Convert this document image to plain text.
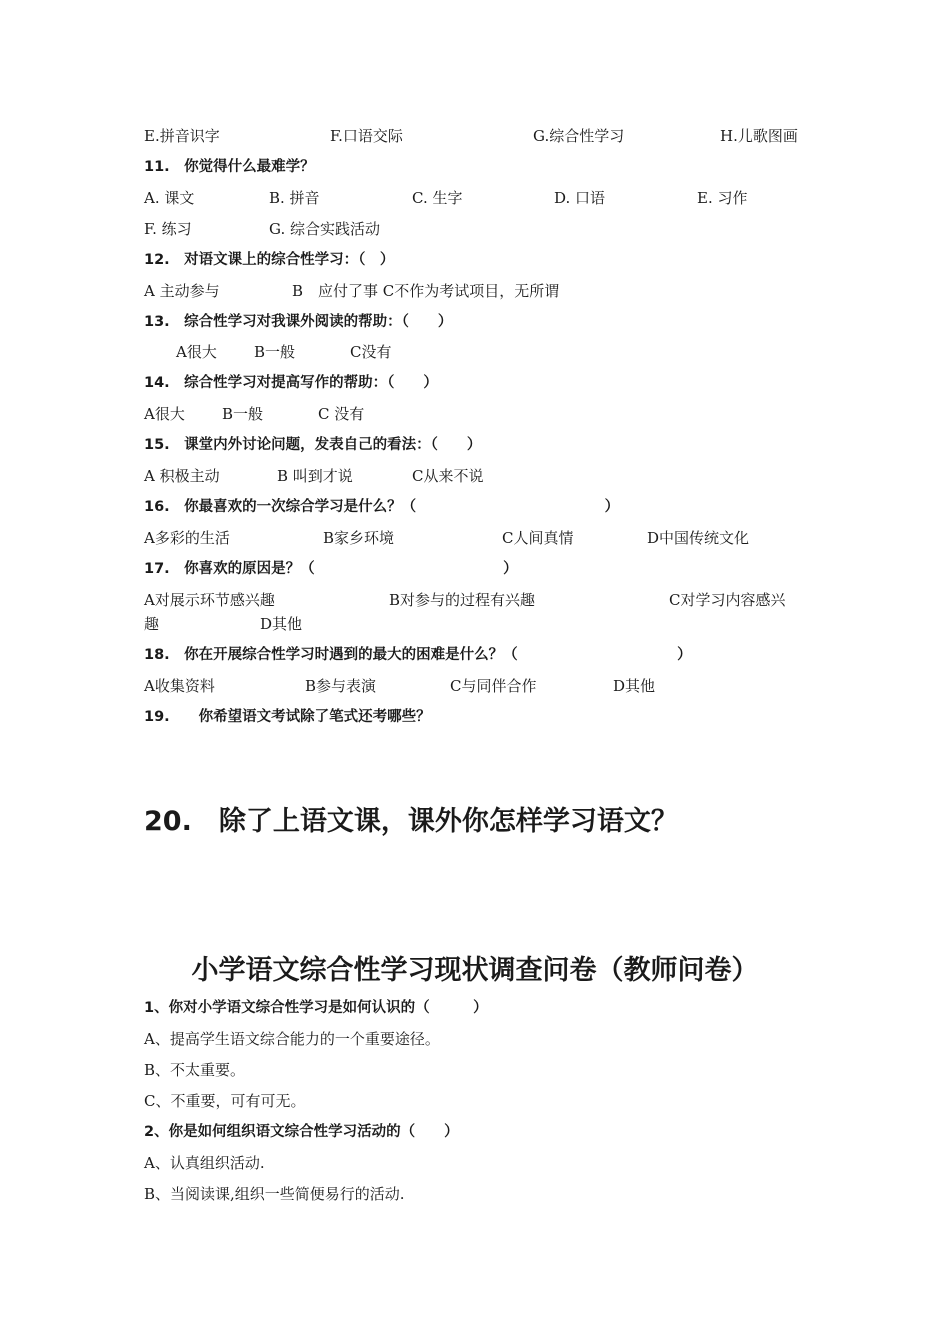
E.拼音识字	F.口语交际	G.综合性学习	H.儿歌图画
11.　你觉得什么最难学？
A. 课文	B. 拼音	C. 生字	D. 口语	E. 习作
F. 练习	G. 综合实践活动
12.　对语文课上的综合性学习：（　）
A 主动参与	B　应付了事 C不作为考试项目，无所谓
13.　综合性学习对我课外阅读的帮助：（　　）
A很大 B一般	C没有
14.　综合性学习对提高写作的帮助：（　　）
A很大 B一般	C 没有
15.　课堂内外讨论问题，发表自己的看法：（　　）
A 积极主动	B 叫到才说	C从来不说
16.　你最喜欢的一次综合学习是什么？（　　　　　　　　　　　　　）
A多彩的生活	B家乡环境	C人间真情	D中国传统文化
17.　你喜欢的原因是？（　　　　　　　　　　　　　）
A对展示环节感兴趣	B对参与的过程有兴趣	C对学习内容感兴
趣	D其他
18.　你在开展综合性学习时遇到的最大的困难是什么？（　　　　　　　　　　　）
A收集资料	B参与表演	C与同伴合作	D其他
19.　　你希望语文考试除了笔式还考哪些？
20.　除了上语文课，课外你怎样学习语文？
小学语文综合性学习现状调查问卷（教师问卷）
1、你对小学语文综合性学习是如何认识的（　　　）
A、提高学生语文综合能力的一个重要途径。
B、不太重要。
C、不重要，可有可无。
2、你是如何组织语文综合性学习活动的（　　）
A、认真组织活动.
B、当阅读课,组织一些简便易行的活动.
